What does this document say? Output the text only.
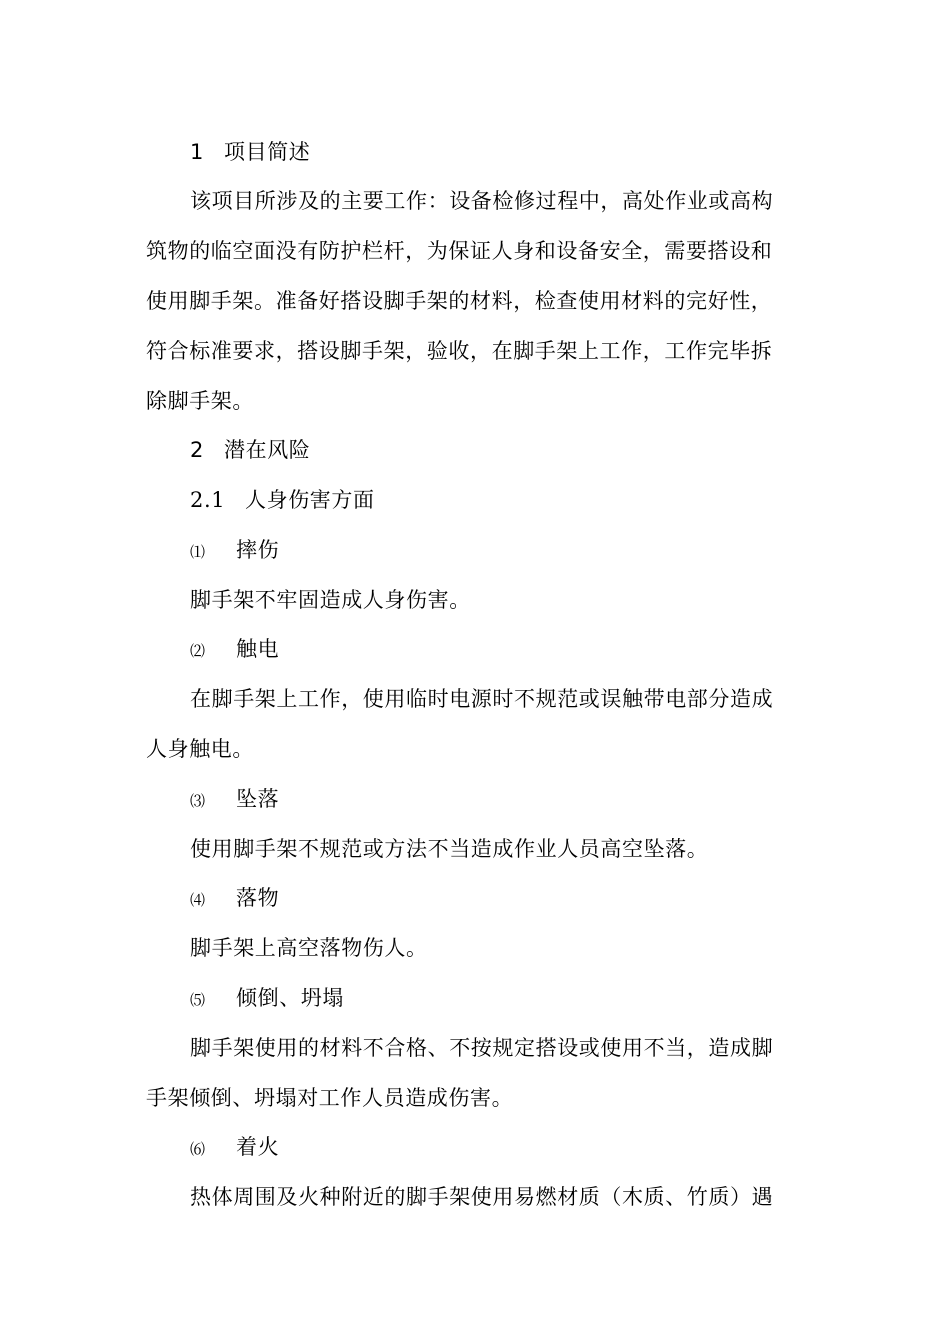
1 项目简述
该项目所涉及的主要工作：设备检修过程中，高处作业或高构
筑物的临空面没有防护栏杆，为保证人身和设备安全，需要搭设和
使用脚手架。准备好搭设脚手架的材料，检查使用材料的完好性，
符合标准要求，搭设脚手架，验收，在脚手架上工作，工作完毕拆
除脚手架。
2 潜在风险
2.1 人身伤害方面
⑴ 摔伤
脚手架不牢固造成人身伤害。
⑵ 触电
在脚手架上工作，使用临时电源时不规范或误触带电部分造成
人身触电。
⑶ 坠落
使用脚手架不规范或方法不当造成作业人员高空坠落。
⑷ 落物
脚手架上高空落物伤人。
⑸ 倾倒、坍塌
脚手架使用的材料不合格、不按规定搭设或使用不当，造成脚
手架倾倒、坍塌对工作人员造成伤害。
⑹ 着火
热体周围及火种附近的脚手架使用易燃材质（木质、竹质）遇
